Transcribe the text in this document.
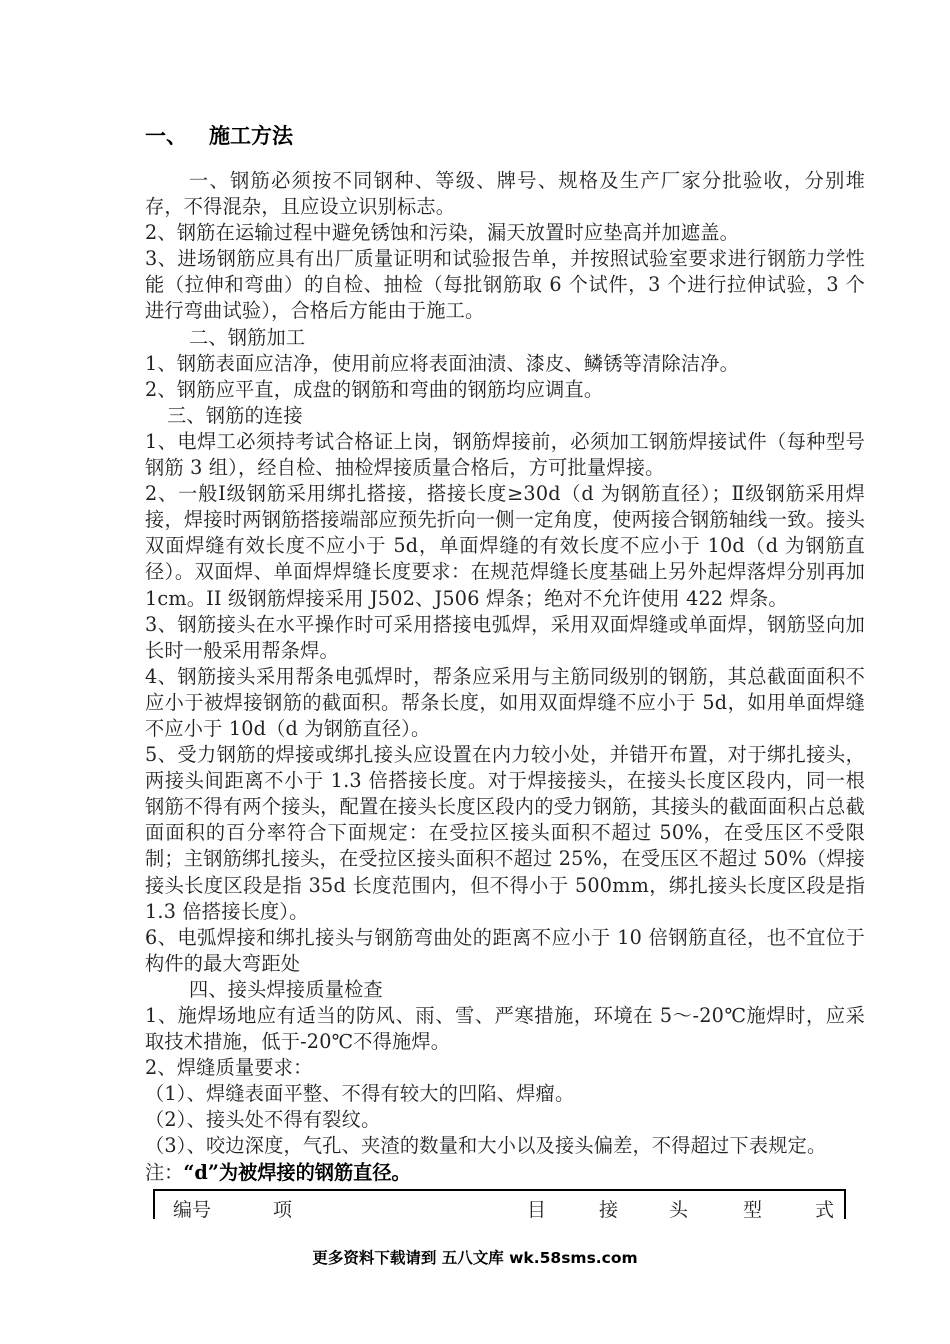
一、 施工方法

一、钢筋必须按不同钢种、等级、牌号、规格及生产厂家分批验收，分别堆存，不得混杂，且应设立识别标志。

2、钢筋在运输过程中避免锈蚀和污染，漏天放置时应垫高并加遮盖。

3、进场钢筋应具有出厂质量证明和试验报告单，并按照试验室要求进行钢筋力学性能（拉伸和弯曲）的自检、抽检（每批钢筋取 6 个试件，3 个进行拉伸试验，3 个进行弯曲试验），合格后方能由于施工。

二、钢筋加工

1、钢筋表面应洁净，使用前应将表面油渍、漆皮、鳞锈等清除洁净。

2、钢筋应平直，成盘的钢筋和弯曲的钢筋均应调直。

三、钢筋的连接

1、电焊工必须持考试合格证上岗，钢筋焊接前，必须加工钢筋焊接试件（每种型号钢筋 3 组），经自检、抽检焊接质量合格后，方可批量焊接。

2、一般Ⅰ级钢筋采用绑扎搭接，搭接长度≥30d（d 为钢筋直径）；Ⅱ级钢筋采用焊接，焊接时两钢筋搭接端部应预先折向一侧一定角度，使两接合钢筋轴线一致。接头双面焊缝有效长度不应小于 5d，单面焊缝的有效长度不应小于 10d（d 为钢筋直径）。双面焊、单面焊焊缝长度要求：在规范焊缝长度基础上另外起焊落焊分别再加 1cm。II 级钢筋焊接采用 J502、J506 焊条；绝对不允许使用 422 焊条。

3、钢筋接头在水平操作时可采用搭接电弧焊，采用双面焊缝或单面焊，钢筋竖向加长时一般采用帮条焊。

4、钢筋接头采用帮条电弧焊时，帮条应采用与主筋同级别的钢筋，其总截面面积不应小于被焊接钢筋的截面积。帮条长度，如用双面焊缝不应小于 5d，如用单面焊缝不应小于 10d（d 为钢筋直径）。

5、受力钢筋的焊接或绑扎接头应设置在内力较小处，并错开布置，对于绑扎接头，两接头间距离不小于 1.3 倍搭接长度。对于焊接接头，在接头长度区段内，同一根钢筋不得有两个接头，配置在接头长度区段内的受力钢筋，其接头的截面面积占总截面面积的百分率符合下面规定：在受拉区接头面积不超过 50%，在受压区不受限制；主钢筋绑扎接头，在受拉区接头面积不超过 25%，在受压区不超过 50%（焊接接头长度区段是指 35d 长度范围内，但不得小于 500mm，绑扎接头长度区段是指 1.3 倍搭接长度）。

6、电弧焊接和绑扎接头与钢筋弯曲处的距离不应小于 10 倍钢筋直径，也不宜位于构件的最大弯距处

四、接头焊接质量检查

1、施焊场地应有适当的防风、雨、雪、严寒措施，环境在 5～-20℃施焊时，应采取技术措施，低于-20℃不得施焊。

2、焊缝质量要求：

（1）、焊缝表面平整、不得有较大的凹陷、焊瘤。

（2）、接头处不得有裂纹。

（3）、咬边深度，气孔、夹渣的数量和大小以及接头偏差，不得超过下表规定。

注：“d”为被焊接的钢筋直径。

编号	项	目	接	头	型	式
更多资料下载请到 五八文库 wk.58sms.com
